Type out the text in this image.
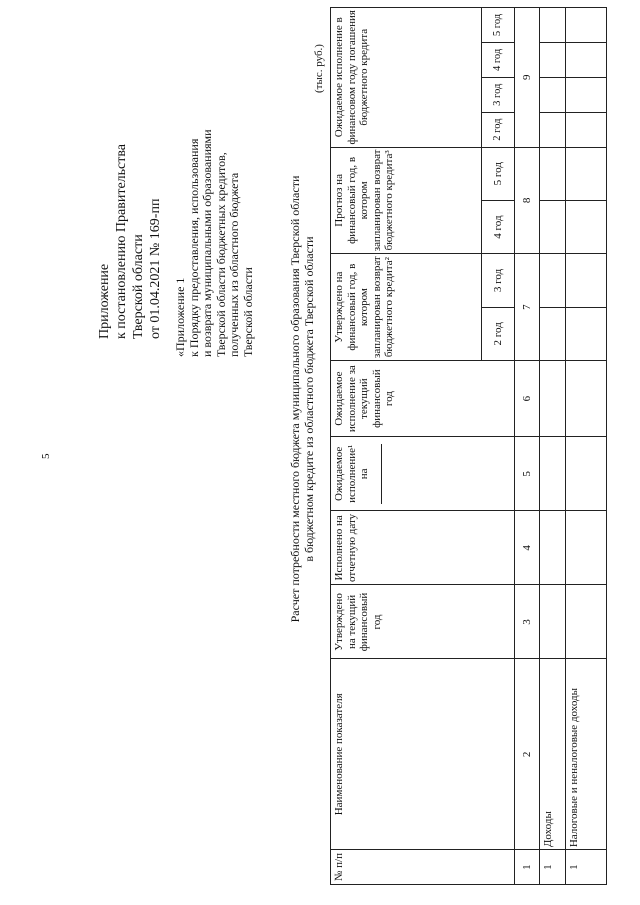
5
Приложение к постановлению Правительства Тверской области от 01.04.2021 № 169-пп «Приложение 1 к Порядку предоставления, использования и возврата муниципальными образованиями Тверской области бюджетных кредитов, полученных из областного бюджета Тверской области	Расчет потребности местного бюджета муниципального образования Тверской области в бюджетном кредите из областного бюджета Тверской области
(тыс. руб.)
№ п/п	Наименование показателя	Утверждено на текущий финансовый год	Исполнено на отчетную дату	Ожидаемое исполнение¹ на	Ожидаемое исполнение за текущий финансовый год	Утверждено на финансовый год, в котором запланирован возврат бюджетного кредита²		Прогноз на финансовый год, в котором запланирован возврат бюджетного кредита³		Ожидаемое исполнение в финансовом году погашения бюджетного кредита			
						2 год	3 год	4 год	5 год	2 год	3 год	4 год	5 год
1	2	3	4	5	6	7		8		9			
1	Доходы												
1	Налоговые и неналоговые доходы												
